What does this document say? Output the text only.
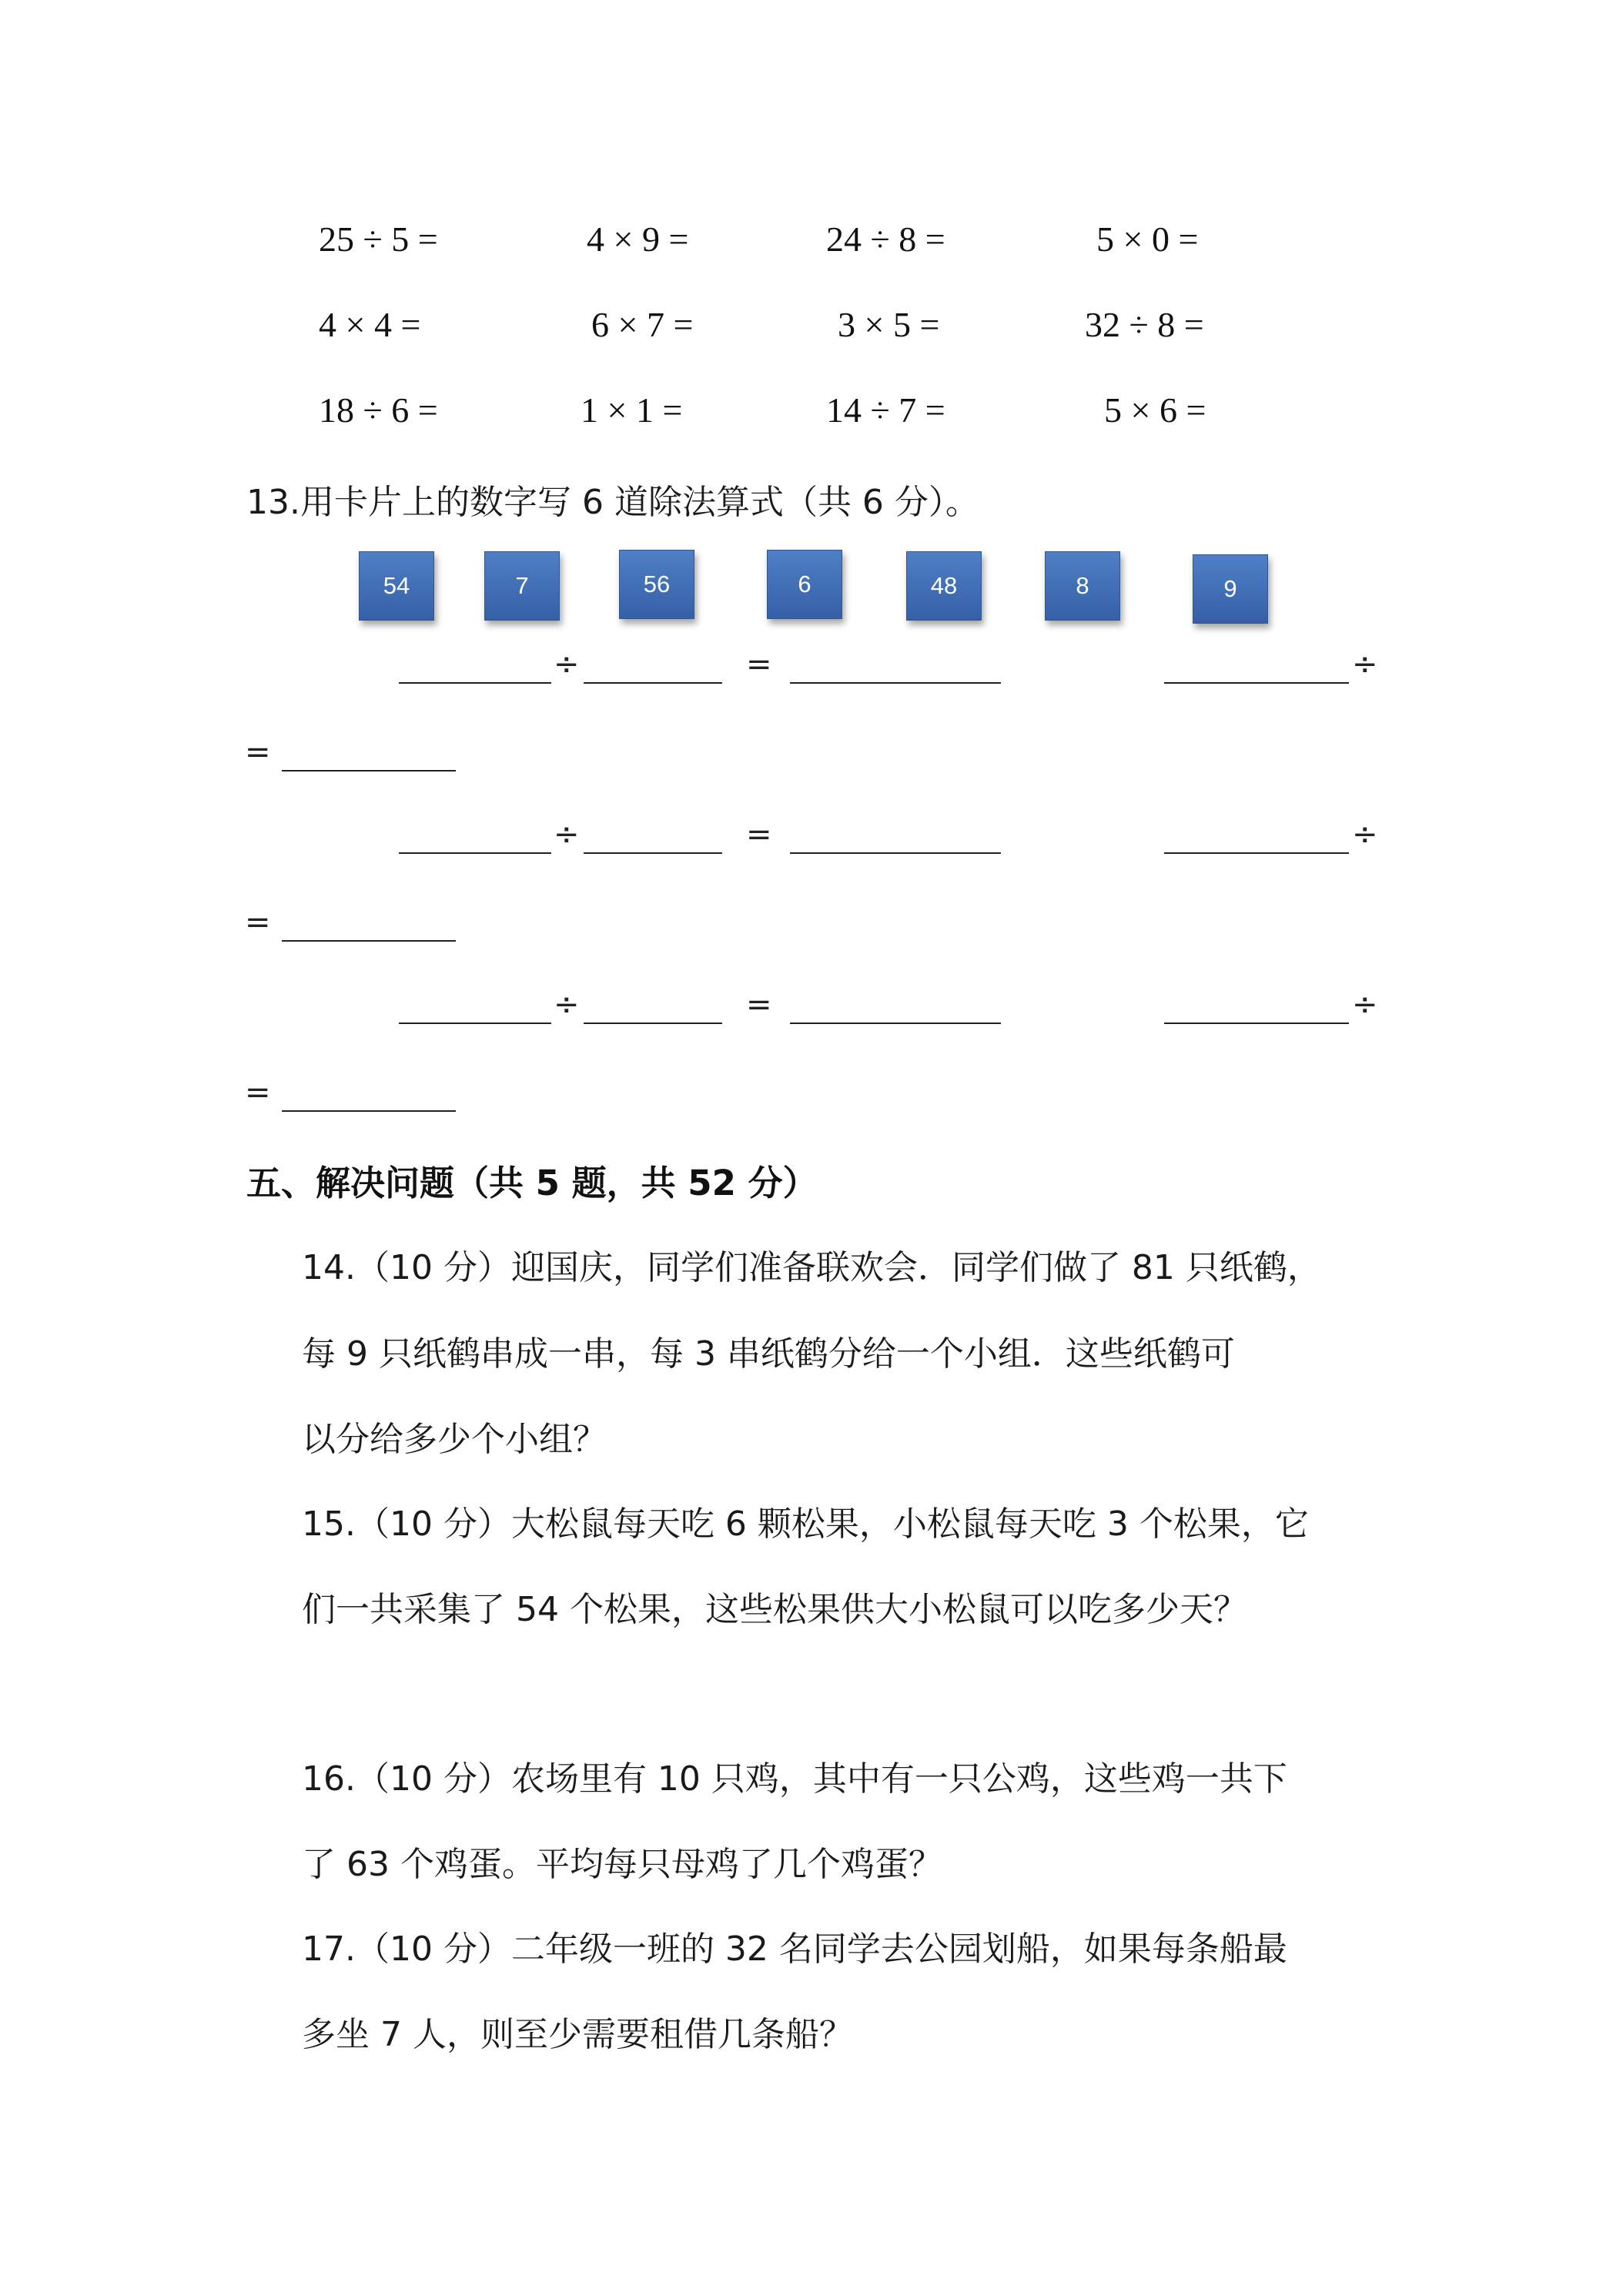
25 ÷ 5 =	4 × 9 =	24 ÷ 8 =	5 × 0 =
4 × 4 =	6 × 7 =	3 × 5 =	32 ÷ 8 =
18 ÷ 6 =	1 × 1 =	14 ÷ 7 =	5 × 6 =
13.用卡片上的数字写 6 道除法算式（共 6 分）。
54	7	56	6	48	8	9
÷	=	÷
=
÷	=	÷
=
÷	=	÷
=
五、解决问题（共 5 题，共 52 分）
14.（10 分）迎国庆，同学们准备联欢会．同学们做了 81 只纸鹤，
每 9 只纸鹤串成一串，每 3 串纸鹤分给一个小组．这些纸鹤可
以分给多少个小组？
15.（10 分）大松鼠每天吃 6 颗松果，小松鼠每天吃 3 个松果，它
们一共采集了 54 个松果，这些松果供大小松鼠可以吃多少天？
16.（10 分）农场里有 10 只鸡，其中有一只公鸡，这些鸡一共下
了 63 个鸡蛋。平均每只母鸡了几个鸡蛋？
17.（10 分）二年级一班的 32 名同学去公园划船，如果每条船最
多坐 7 人，则至少需要租借几条船？
